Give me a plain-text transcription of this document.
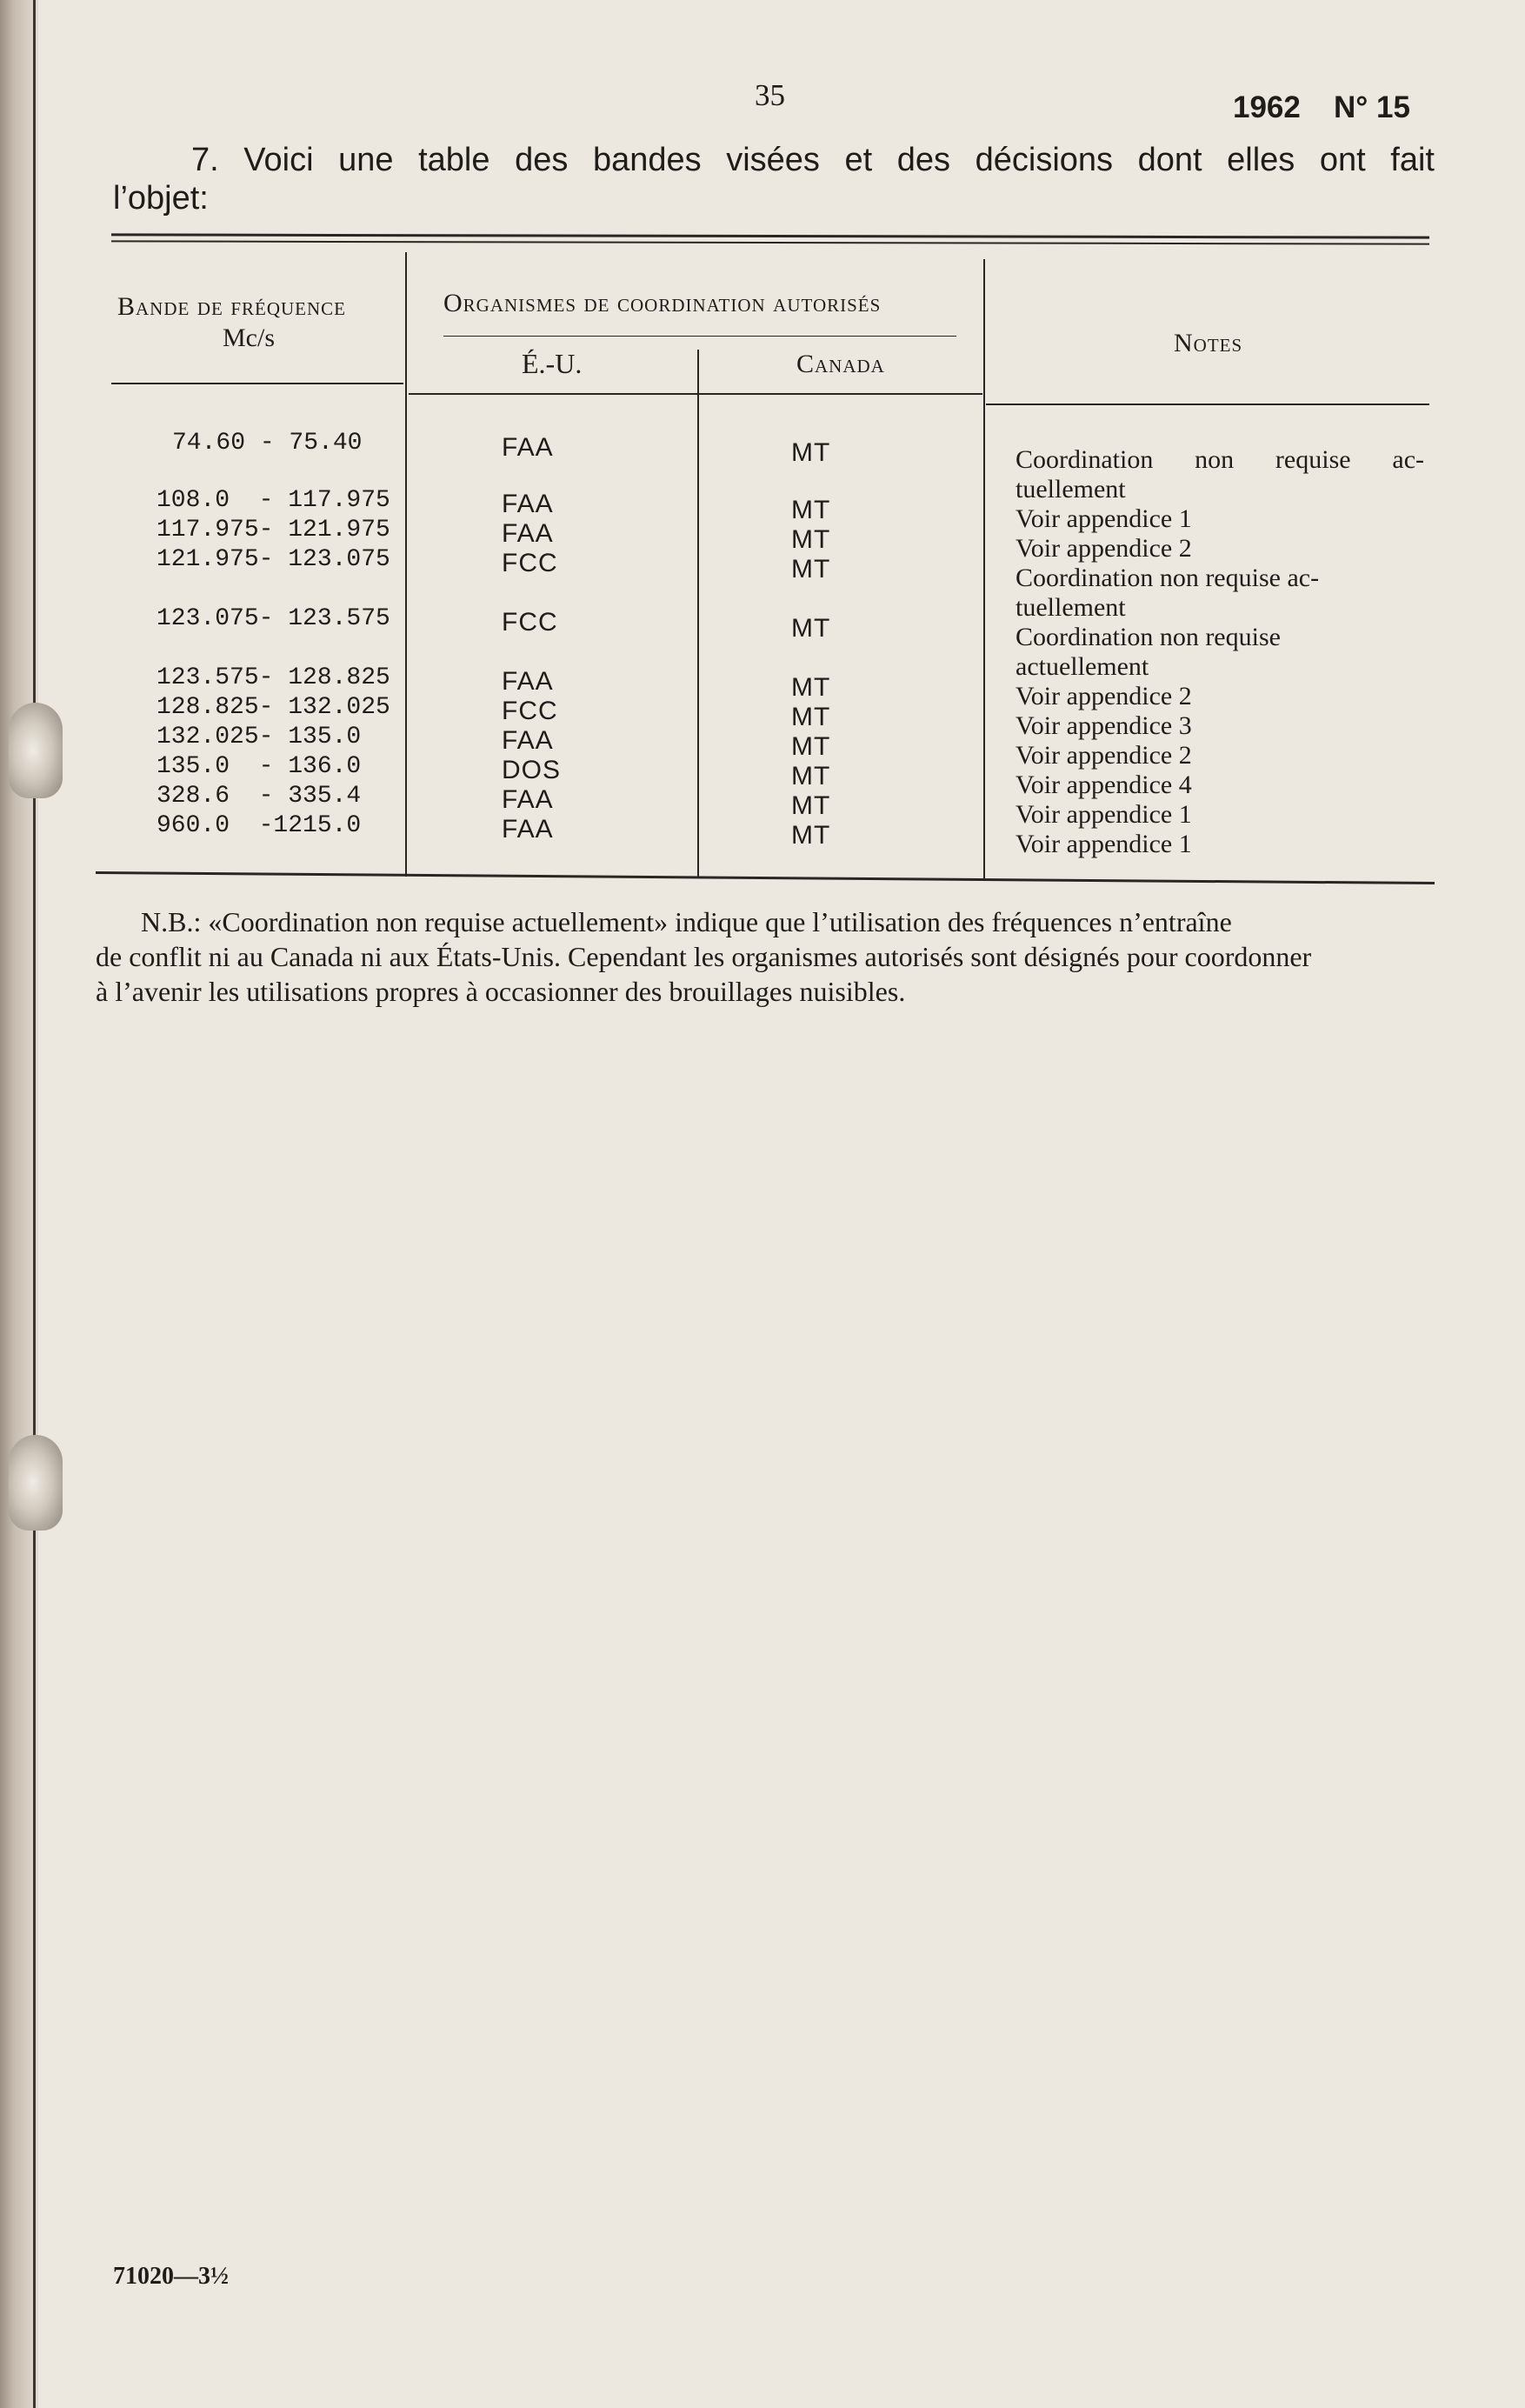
35	1962 N° 15
7. Voici une table des bandes visées et des décisions dont elles ont fait
l’objet:
Bande de fréquence
Mc/s
Organismes de coordination autorisés
É.-U.	Canada
Notes
74.60 - 75.40
108.0  - 117.975
117.975- 121.975
121.975- 123.075
123.075- 123.575
123.575- 128.825
128.825- 132.025
132.025- 135.0
135.0  - 136.0
328.6  - 335.4
960.0  -1215.0
FAA
FAA
FAA
FCC
FCC
FAA
FCC
FAA
DOS
FAA
FAA
MT
MT
MT
MT
MT
MT
MT
MT
MT
MT
MT
Coordination non requise ac-
tuellement
Voir appendice 1
Voir appendice 2
Coordination non requise ac-
tuellement
Coordination non requise
actuellement
Voir appendice 2
Voir appendice 3
Voir appendice 2
Voir appendice 4
Voir appendice 1
Voir appendice 1
N.B.: «Coordination non requise actuellement» indique que l’utilisation des fréquences n’entraîne
de conflit ni au Canada ni aux États-Unis. Cependant les organismes autorisés sont désignés pour coordonner
à l’avenir les utilisations propres à occasionner des brouillages nuisibles.
71020—3½
